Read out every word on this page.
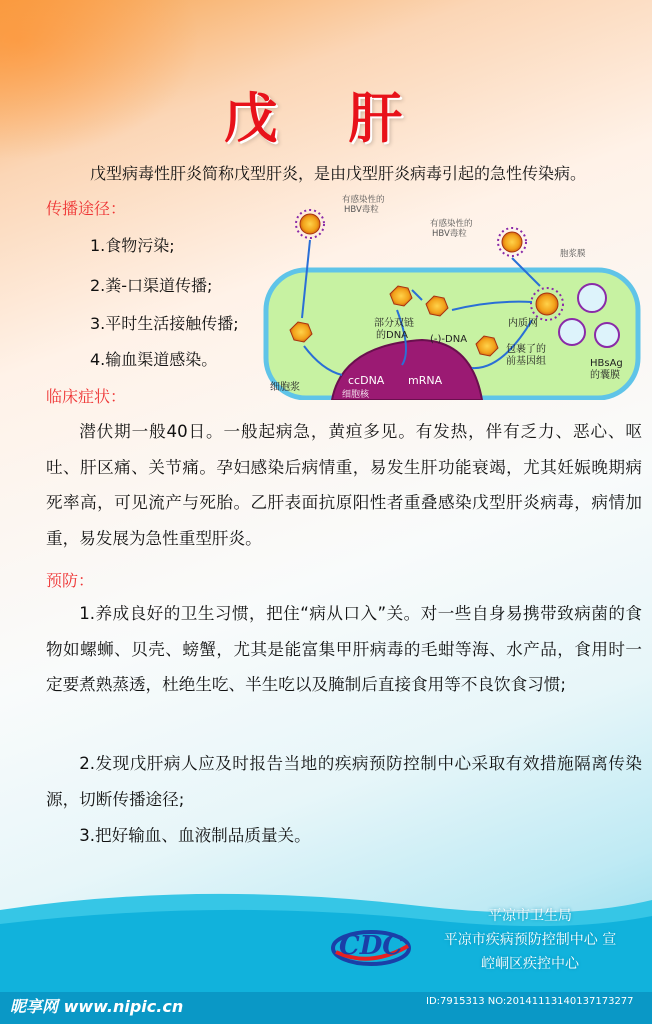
戊 肝
戊型病毒性肝炎简称戊型肝炎，是由戊型肝炎病毒引起的急性传染病。
传播途径：
1.食物污染;
2.粪-口渠道传播;
3.平时生活接触传播;
4.输血渠道感染。
有感染性的
HBV毒粒
有感染性的
HBV毒粒
胞浆膜
部分双链
的DNA (-)-DNA
内质网
包裹了的
前基因组	HBsAg
的囊膜
细胞浆
ccDNA mRNA
细胞核
临床症状：
潜伏期一般40日。一般起病急，黄疸多见。有发热，伴有乏力、恶心、呕吐、肝区痛、关节痛。孕妇感染后病情重，易发生肝功能衰竭，尤其妊娠晚期病死率高，可见流产与死胎。乙肝表面抗原阳性者重叠感染戊型肝炎病毒，病情加重，易发展为急性重型肝炎。
预防：
1.养成良好的卫生习惯，把住“病从口入”关。对一些自身易携带致病菌的食物如螺蛳、贝壳、螃蟹，尤其是能富集甲肝病毒的毛蚶等海、水产品，食用时一定要煮熟蒸透，杜绝生吃、半生吃以及腌制后直接食用等不良饮食习惯;
2.发现戊肝病人应及时报告当地的疾病预防控制中心采取有效措施隔离传染源，切断传播途径;
3.把好输血、血液制品质量关。
CDC
平凉市卫生局
平凉市疾病预防控制中心 宣
崆峒区疾控中心
昵享网 www.nipic.cn	ID:7915313 NO:20141113140137173277
